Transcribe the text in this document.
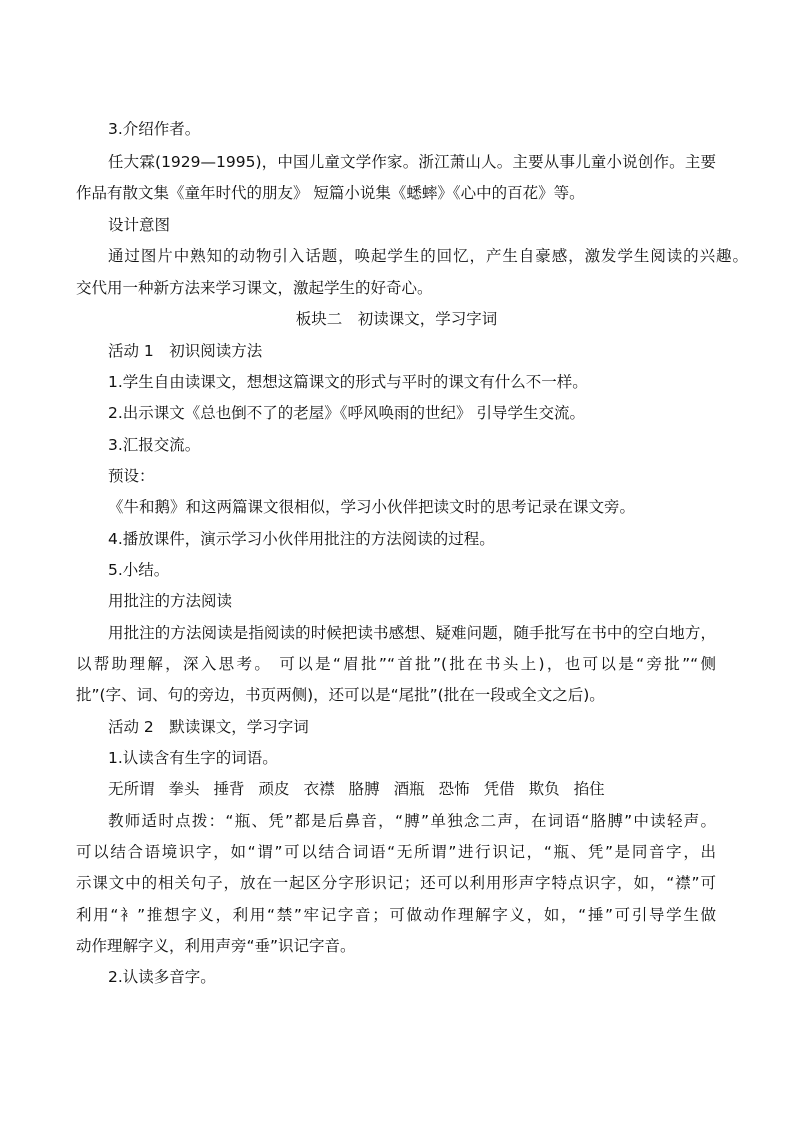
3.介绍作者。
任大霖(1929—1995)，中国儿童文学作家。浙江萧山人。主要从事儿童小说创作。主要
作品有散文集《童年时代的朋友》 短篇小说集《蟋蟀》《心中的百花》等。
设计意图
通过图片中熟知的动物引入话题，唤起学生的回忆，产生自豪感，激发学生阅读的兴趣。
交代用一种新方法来学习课文，激起学生的好奇心。
板块二　初读课文，学习字词
活动 1　初识阅读方法
1.学生自由读课文，想想这篇课文的形式与平时的课文有什么不一样。
2.出示课文《总也倒不了的老屋》《呼风唤雨的世纪》 引导学生交流。
3.汇报交流。
预设：
《牛和鹅》和这两篇课文很相似，学习小伙伴把读文时的思考记录在课文旁。
4.播放课件，演示学习小伙伴用批注的方法阅读的过程。
5.小结。
用批注的方法阅读
用批注的方法阅读是指阅读的时候把读书感想、疑难问题，随手批写在书中的空白地方，
以帮助理解，深入思考。 可以是“眉批”“首批”(批在书头上)，也可以是“旁批”“侧
批”(字、词、句的旁边，书页两侧)，还可以是“尾批”(批在一段或全文之后)。
活动 2　默读课文，学习字词
1.认读含有生字的词语。
无所谓 拳头 捶背 顽皮 衣襟 胳膊 酒瓶 恐怖 凭借 欺负 掐住
教师适时点拨：“瓶、凭”都是后鼻音，“膊”单独念二声，在词语“胳膊”中读轻声。
可以结合语境识字，如“谓”可以结合词语“无所谓”进行识记，“瓶、凭”是同音字，出
示课文中的相关句子，放在一起区分字形识记；还可以利用形声字特点识字，如，“襟”可
利用“衤”推想字义，利用“禁”牢记字音；可做动作理解字义，如，“捶”可引导学生做
动作理解字义，利用声旁“垂”识记字音。
2.认读多音字。
